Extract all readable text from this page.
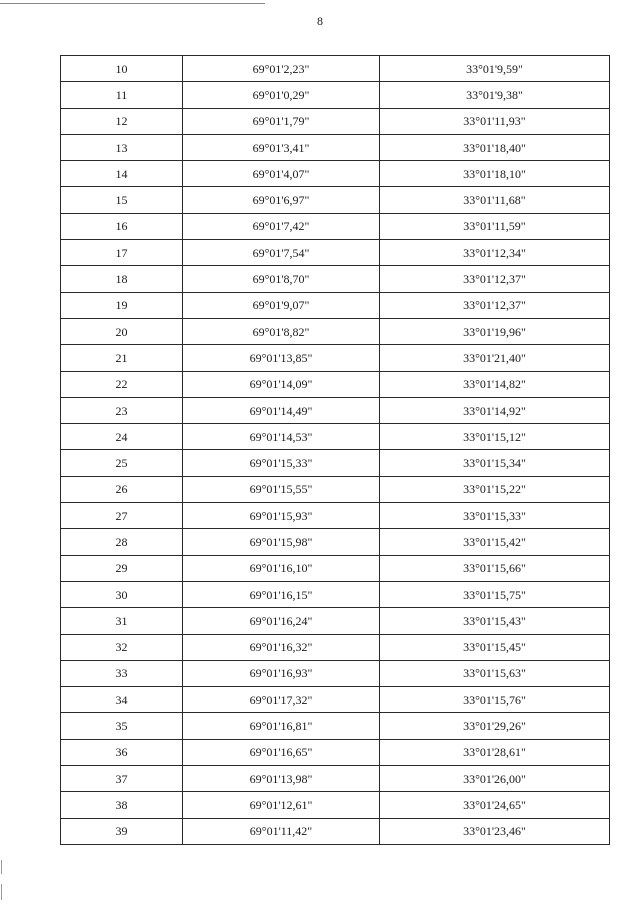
8
10	69°01'2,23"	33°01'9,59"
11	69°01'0,29"	33°01'9,38"
12	69°01'1,79"	33°01'11,93"
13	69°01'3,41"	33°01'18,40"
14	69°01'4,07"	33°01'18,10"
15	69°01'6,97"	33°01'11,68"
16	69°01'7,42"	33°01'11,59"
17	69°01'7,54"	33°01'12,34"
18	69°01'8,70"	33°01'12,37"
19	69°01'9,07"	33°01'12,37"
20	69°01'8,82"	33°01'19,96"
21	69°01'13,85"	33°01'21,40"
22	69°01'14,09"	33°01'14,82"
23	69°01'14,49"	33°01'14,92"
24	69°01'14,53"	33°01'15,12"
25	69°01'15,33"	33°01'15,34"
26	69°01'15,55"	33°01'15,22"
27	69°01'15,93"	33°01'15,33"
28	69°01'15,98"	33°01'15,42"
29	69°01'16,10"	33°01'15,66"
30	69°01'16,15"	33°01'15,75"
31	69°01'16,24"	33°01'15,43"
32	69°01'16,32"	33°01'15,45"
33	69°01'16,93"	33°01'15,63"
34	69°01'17,32"	33°01'15,76"
35	69°01'16,81"	33°01'29,26"
36	69°01'16,65"	33°01'28,61"
37	69°01'13,98"	33°01'26,00"
38	69°01'12,61"	33°01'24,65"
39	69°01'11,42"	33°01'23,46"
